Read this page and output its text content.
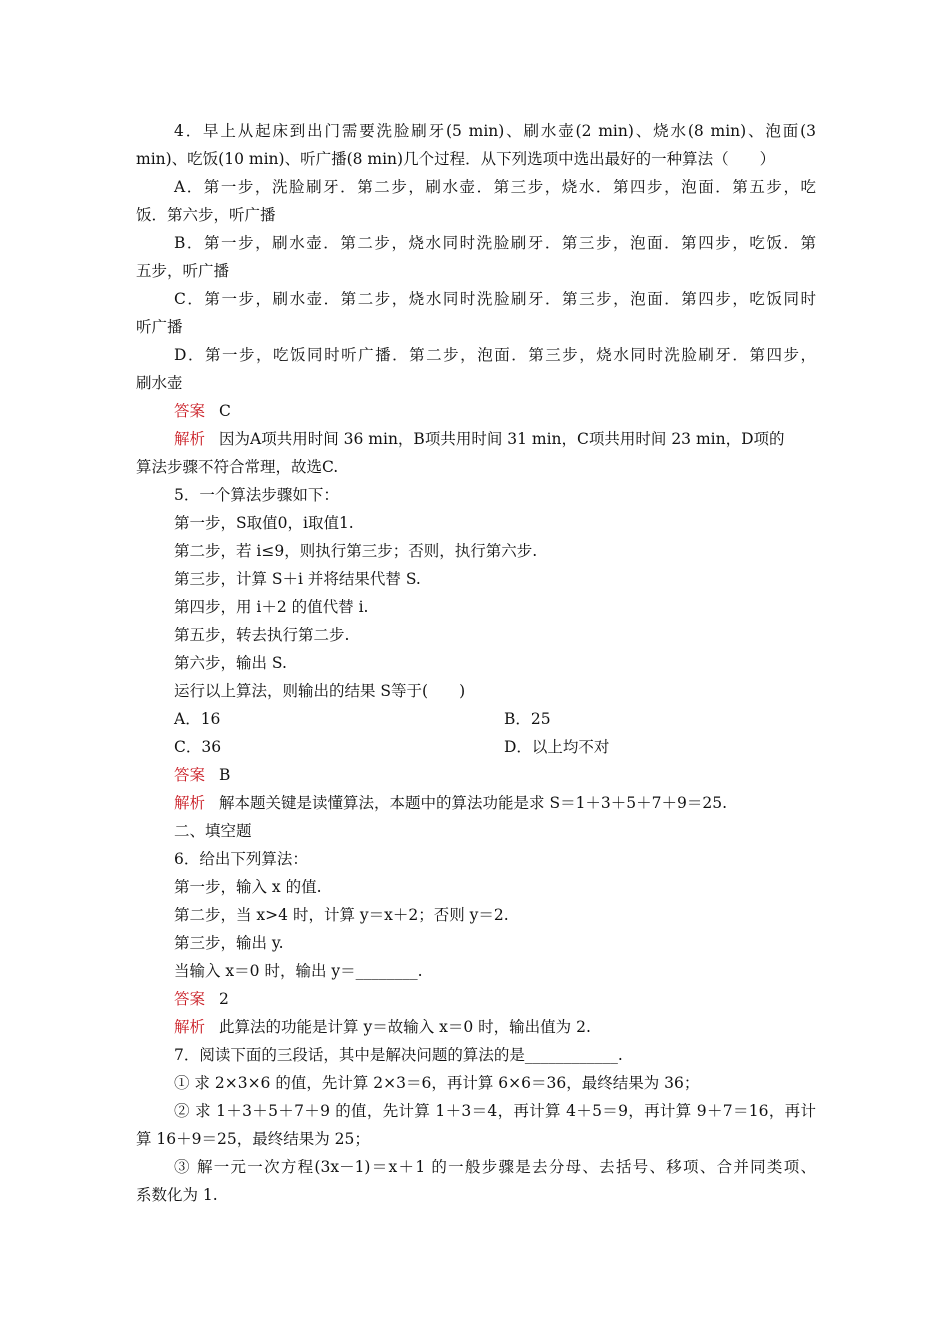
4．早上从起床到出门需要洗脸刷牙(5 min)、刷水壶(2 min)、烧水(8 min)、泡面(3
min)、吃饭(10 min)、听广播(8 min)几个过程．从下列选项中选出最好的一种算法（　　）
A．第一步，洗脸刷牙．第二步，刷水壶．第三步，烧水．第四步，泡面．第五步，吃
饭．第六步，听广播
B．第一步，刷水壶．第二步，烧水同时洗脸刷牙．第三步，泡面．第四步，吃饭．第
五步，听广播
C．第一步，刷水壶．第二步，烧水同时洗脸刷牙．第三步，泡面．第四步，吃饭同时
听广播
D．第一步，吃饭同时听广播．第二步，泡面．第三步，烧水同时洗脸刷牙．第四步，
刷水壶
答案 C
解析 因为A项共用时间 36 min，B项共用时间 31 min，C项共用时间 23 min，D项的
算法步骤不符合常理，故选C.
5．一个算法步骤如下：
第一步，S取值0，i取值1.
第二步，若 i≤9，则执行第三步；否则，执行第六步.
第三步，计算 S＋i 并将结果代替 S.
第四步，用 i＋2 的值代替 i.
第五步，转去执行第二步.
第六步，输出 S.
运行以上算法，则输出的结果 S等于(　　)
A．16	B．25
C．36	D．以上均不对
答案 B
解析 解本题关键是读懂算法，本题中的算法功能是求 S＝1＋3＋5＋7＋9＝25.
二、填空题
6．给出下列算法：
第一步，输入 x 的值.
第二步，当 x>4 时，计算 y＝x＋2；否则 y＝2.
第三步，输出 y.
当输入 x＝0 时，输出 y＝________.
答案 2
解析 此算法的功能是计算 y＝故输入 x＝0 时，输出值为 2.
7．阅读下面的三段话，其中是解决问题的算法的是____________.
① 求 2×3×6 的值，先计算 2×3＝6，再计算 6×6＝36，最终结果为 36；
② 求 1＋3＋5＋7＋9 的值，先计算 1＋3＝4，再计算 4＋5＝9，再计算 9＋7＝16，再计
算 16＋9＝25，最终结果为 25；
③ 解一元一次方程(3x－1)＝x＋1 的一般步骤是去分母、去括号、移项、合并同类项、
系数化为 1.
